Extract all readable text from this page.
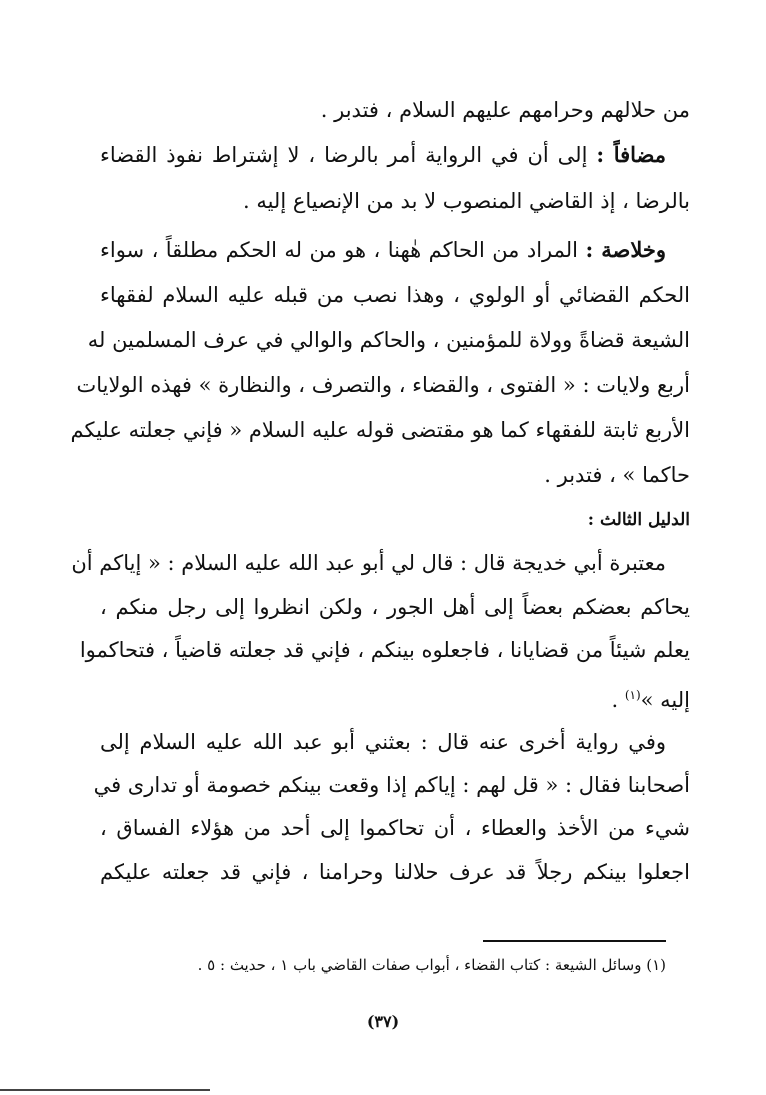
من حلالهم وحرامهم عليهم السلام ، فتدبر .
مضافاً : إلى أن في الرواية أمر بالرضا ، لا إشتراط نفوذ القضاء
بالرضا ، إذ القاضي المنصوب لا بد من الإنصياع إليه .
وخلاصة : المراد من الحاكم هٰهنا ، هو من له الحكم مطلقاً ، سواء
الحكم القضائي أو الولوي ، وهذا نصب من قبله عليه السلام لفقهاء
الشيعة قضاةً وولاة للمؤمنين ، والحاكم والوالي في عرف المسلمين له
أربع ولايات : « الفتوى ، والقضاء ، والتصرف ، والنظارة » فهذه الولايات
الأربع ثابتة للفقهاء كما هو مقتضى قوله عليه السلام « فإني جعلته عليكم
حاكما » ، فتدبر .
الدليل الثالث :
معتبرة أبي خديجة قال : قال لي أبو عبد الله عليه السلام : « إياكم أن
يحاكم بعضكم بعضاً إلى أهل الجور ، ولكن انظروا إلى رجل منكم ،
يعلم شيئاً من قضايانا ، فاجعلوه بينكم ، فإني قد جعلته قاضياً ، فتحاكموا
إليه »$^{(١)}$ .
وفي رواية أخرى عنه قال : بعثني أبو عبد الله عليه السلام إلى
أصحابنا فقال : « قل لهم : إياكم إذا وقعت بينكم خصومة أو تدارى في
شيء من الأخذ والعطاء ، أن تحاكموا إلى أحد من هؤلاء الفساق ،
اجعلوا بينكم رجلاً قد عرف حلالنا وحرامنا ، فإني قد جعلته عليكم
(١) وسائل الشيعة : كتاب القضاء ، أبواب صفات القاضي باب ١ ، حديث : ٥ .
(٣٧)
